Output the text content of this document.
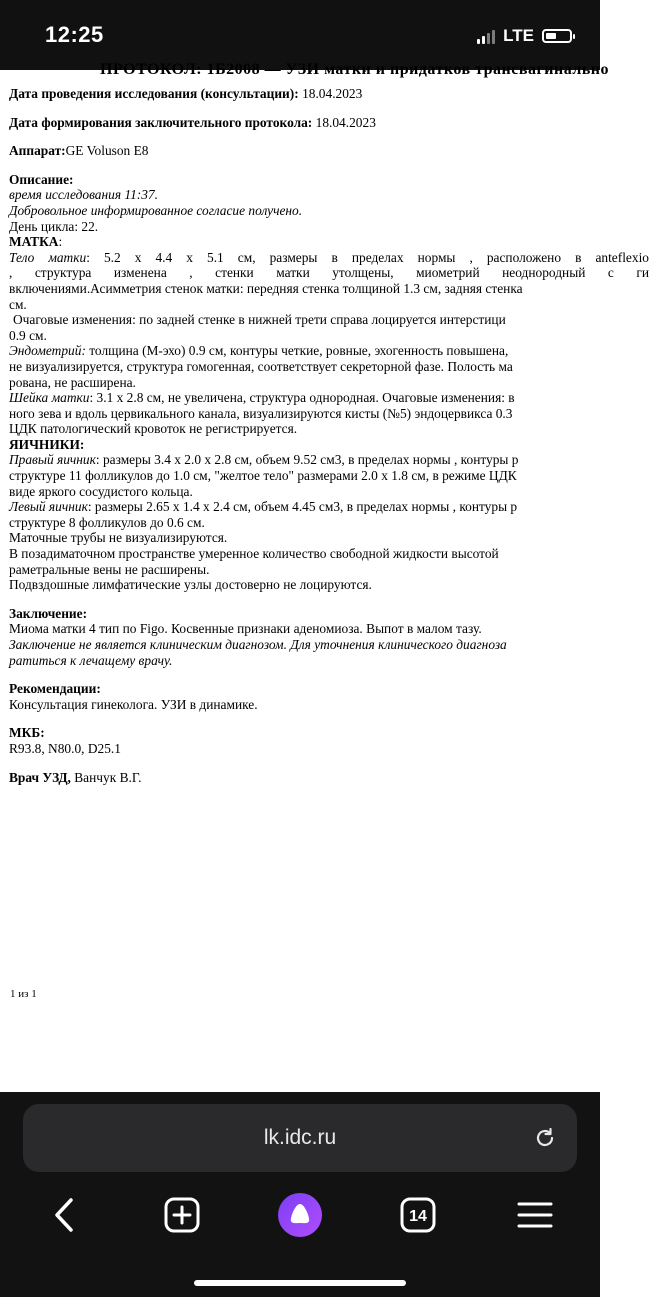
12:25	LTE
ПРОТОКОЛ: 1Б2008 — УЗИ матки и придатков трансвагинально
Дата проведения исследования (консультации): 18.04.2023
Дата формирования заключительного протокола: 18.04.2023
Аппарат:GE Voluson E8
Описание:
время исследования 11:37.
Добровольное информированное согласие получено.
День цикла: 22.
МАТКА:
Тело матки: 5.2 х 4.4 х 5.1 см, размеры в пределах нормы , расположено в anteflexio
, структура изменена , стенки матки утолщены, миометрий неоднородный с ги
включениями.Асимметрия стенок матки: передняя стенка толщиной 1.3 см, задняя стенка
см.
Очаговые изменения: по задней стенке в нижней трети справа лоцируется интерстици
0.9 см.
Эндометрий: толщина (М-эхо) 0.9 см, контуры четкие, ровные, эхогенность повышена,
не визуализируется, структура гомогенная, соответствует секреторной фазе. Полость ма
рована, не расширена.
Шейка матки: 3.1 х 2.8 см, не увеличена, структура однородная. Очаговые изменения: в
ного зева и вдоль цервикального канала, визуализируются кисты (№5) эндоцервикса 0.3
ЦДК патологический кровоток не регистрируется.
ЯИЧНИКИ:
Правый яичник: размеры 3.4 х 2.0 х 2.8 см, объем 9.52 см3, в пределах нормы , контуры р
структуре 11 фолликулов до 1.0 см, "желтое тело" размерами 2.0 х 1.8 см, в режиме ЦДК
виде яркого сосудистого кольца.
Левый яичник: размеры 2.65 х 1.4 х 2.4 см, объем 4.45 см3, в пределах нормы , контуры р
структуре 8 фолликулов до 0.6 см.
Маточные трубы не визуализируются.
В позадиматочном пространстве умеренное количество свободной жидкости высотой
раметральные вены не расширены.
Подвздошные лимфатические узлы достоверно не лоцируются.
Заключение:
Миома матки 4 тип по Figo. Косвенные признаки аденомиоза. Выпот в малом тазу.
Заключение не является клиническим диагнозом. Для уточнения клинического диагноза
ратиться к лечащему врачу.
Рекомендации:
Консультация гинеколога. УЗИ в динамике.
МКБ:
R93.8, N80.0, D25.1
Врач УЗД, Ванчук В.Г.
1 из 1
lk.idc.ru
14
